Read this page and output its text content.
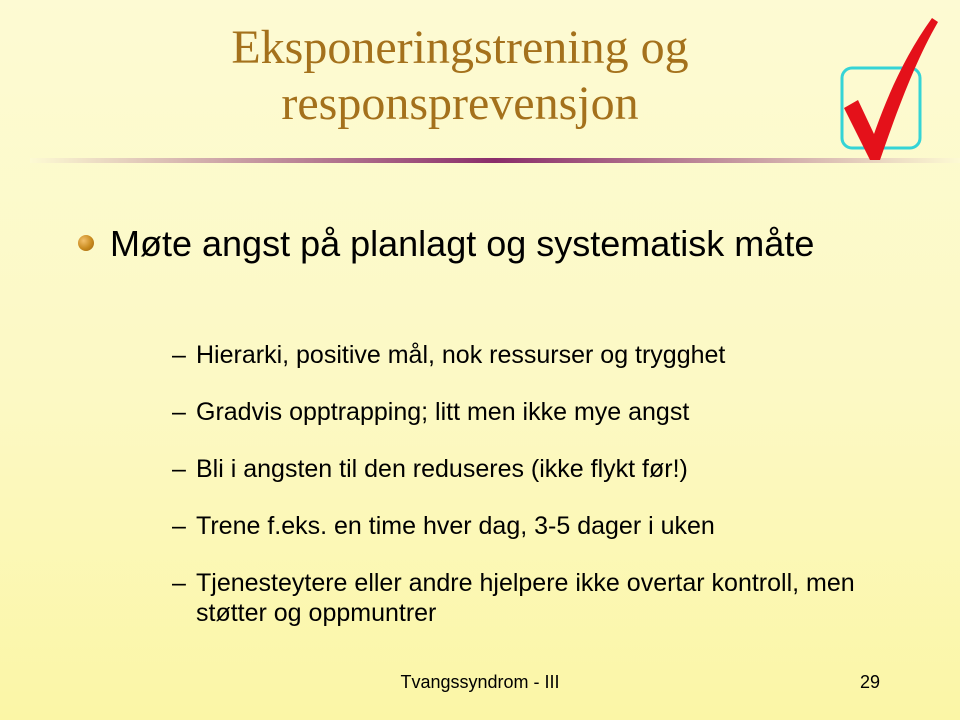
Eksponeringstrening og responsprevensjon
Møte angst på planlagt og systematisk måte
– Hierarki, positive mål, nok ressurser og trygghet
– Gradvis opptrapping; litt men ikke mye angst
– Bli i angsten til den reduseres (ikke flykt før!)
– Trene f.eks. en time hver dag, 3-5 dager i uken
– Tjenesteytere eller andre hjelpere ikke overtar kontroll, men støtter og oppmuntrer
Tvangssyndrom - III	29
